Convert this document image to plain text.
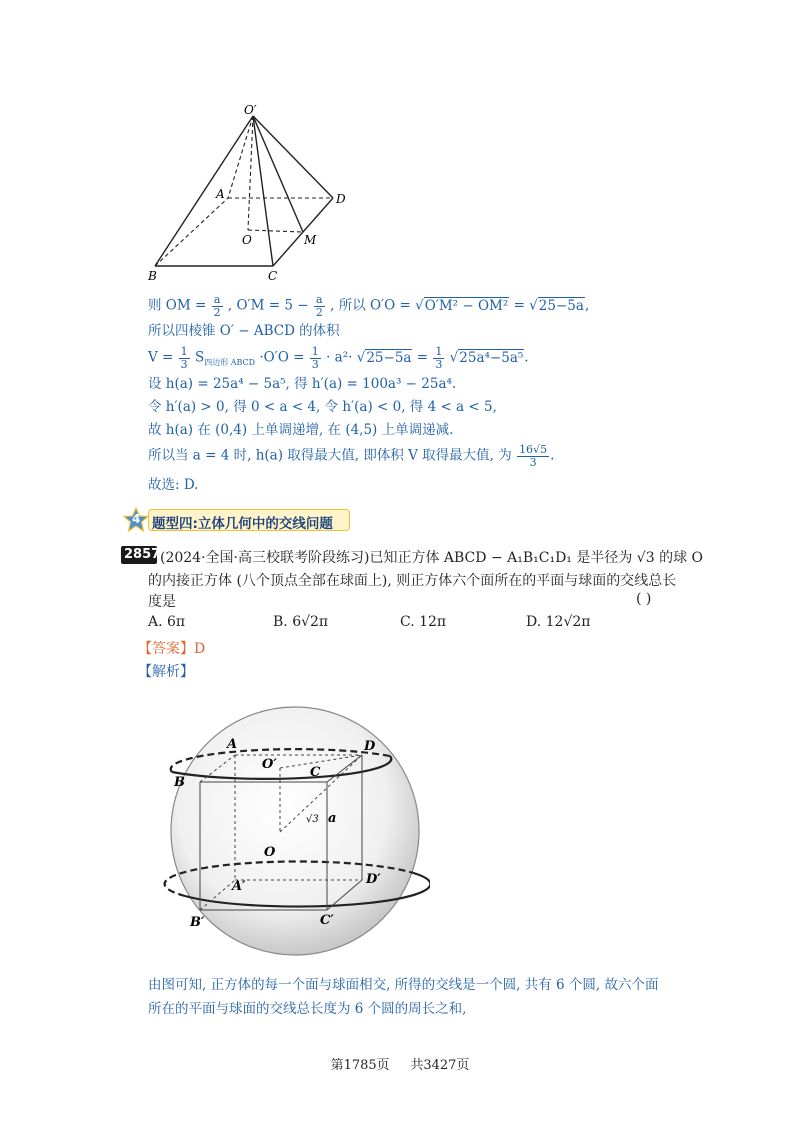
O′
A	D
O	M
B	C
则 OM = $\frac{a}{2}$ , $O'M = 5 - \frac{a}{2}$ , 所以 O′O = √O′M² − OM² = √25−5a,
所以四棱锥 O′ − ABCD 的体积
$V = \frac{1}{3} S_{四边形 ABCD} \cdot O'O = \frac{1}{3} \cdot a^2\cdot √25-5a = \frac{1}{3} √25a^4-5a^5$.
设 h(a) = 25a⁴ − 5a⁵, 得 h′(a) = 100a³ − 25a⁴.
令 h′(a) > 0, 得 0 < a < 4, 令 h′(a) < 0, 得 4 < a < 5,
故 h(a) 在 (0,4) 上单调递增, 在 (4,5) 上单调递减.
所以当 a = 4 时, h(a) 取得最大值, 即体积 V 取得最大值, 为 $\frac{16√5}{3}$ .
故选: D.
4 题型四:立体几何中的交线问题
2857 (2024·全国·高三校联考阶段练习)已知正方体 ABCD − A₁B₁C₁D₁ 是半径为 √3 的球 O
的内接正方体 (八个顶点全部在球面上), 则正方体六个面所在的平面与球面的交线总长
度是	( )
A. 6π	B. 6√2π	C. 12π	D. 12√2π
【答案】D
【解析】
A	D
O′
B
C
√3 a
O
A′	D′
B′	C′
由图可知, 正方体的每一个面与球面相交, 所得的交线是一个圆, 共有 6 个圆, 故六个面
所在的平面与球面的交线总长度为 6 个圆的周长之和,
第1785页 共3427页
